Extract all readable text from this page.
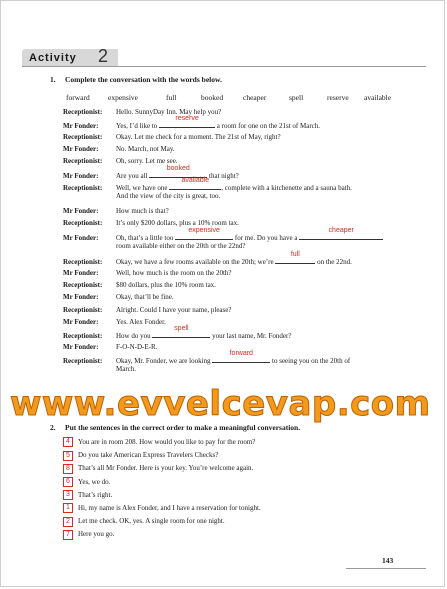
Activity 2
1. Complete the conversation with the words below.
forward expensive	full	booked	cheaper	spell	reserve available
Receptionist: Hello. SunnyDay Inn. May help you?
Mr Fonder:	Yes, I’d like to
reserve
a room for one on the 21st of March.
Receptionist: Okay. Let me check for a moment. The 21st of May, right?
Mr Fonder:	No. March, not May.
Receptionist: Oh, sorry. Let me see.
Mr Fonder:	Are you all
booked
that night?
Receptionist: Well, we have one
available
, complete with a kitchenette and a sauna bath.
And the view of the city is great, too.
Mr Fonder:	How much is that?
Receptionist: It’s only $200 dollars, plus a 10% room tax.
Mr Fonder:	Oh, that’s a little too
expensive
for me. Do you have a
cheaper
room available either on the 20th or the 22nd?
Receptionist: Okay, we have a few rooms available on the 20th; we’re
full
on the 22nd.
Mr Fonder:	Well, how much is the room on the 20th?
Receptionist: $80 dollars, plus the 10% room tax.
Mr Fonder:	Okay, that’ll be fine.
Receptionist: Alright. Could I have your name, please?
Mr Fonder:	Yes. Alex Fonder.
Receptionist: How do you
spell
your last name, Mr. Fonder?
Mr Fonder:	F-O-N-D-E-R.
Receptionist: Okay, Mr. Fonder, we are looking
forward
to seeing you on the 20th of
March.
2. Put the sentences in the correct order to make a meaningful conversation.
4 You are in room 208. How would you like to pay for the room?
5 Do you take American Express Travelers Checks?
8 That’s all Mr Fonder. Here is your key. You’re welcome again.
6 Yes, we do.
3 That’s right.
1 Hi, my name is Alex Fonder, and I have a reservation for tonight.
2 Let me check. OK, yes. A single room for one night.
7 Here you go.
www.evvelcevap.com
143
